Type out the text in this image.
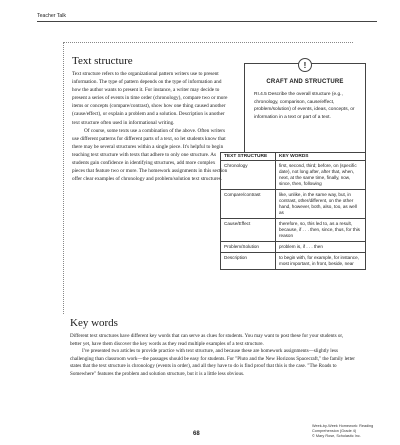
Teacher Talk
Text structure

Text structure refers to the organizational pattern writers use to present information. The type of pattern depends on the type of information and how the author wants to present it. For instance, a writer may decide to present a series of events in time order (chronology), compare two or more items or concepts (compare/contrast), show how one thing caused another (cause/effect), or explain a problem and a solution. Description is another text structure often used in informational writing.

Of course, some texts use a combination of the above. Often writers use different patterns for different parts of a text, so let students know that there may be several structures within a single piece. It's helpful to begin teaching text structure with texts that adhere to only one structure. As students gain confidence in identifying structures, add more complex pieces that feature two or more. The homework assignments in this section offer clear examples of chronology and problem/solution text structures.

!
CRAFT AND STRUCTURE
RI.4.5 Describe the overall structure (e.g., chronology, comparison, cause/effect, problem/solution) of events, ideas, concepts, or information in a text or part of a text.
TEXT STRUCTURE	KEY WORDS
Chronology	first, second, third; before, on (specific date), not long after, after that, when, next, at the same time, finally, now, since, then, following
Compare/contrast	like, unlike, in the same way, but, in contrast, other/different, on the other hand, however, both, also, too, as well as
Cause/Effect	therefore, so, this led to, as a result, because, if . . . then, since, thus, for this reason
Problem/Solution	problem is, if . . . then
Description	to begin with, for example, for instance, most important, in front, beside, near
Key words

Different text structures have different key words that can serve as clues for students. You may want to post these for your students or, better yet, have them discover the key words as they read multiple examples of a text structure.

I've presented two articles to provide practice with text structure, and because these are homework assignments—slightly less challenging than classroom work—the passages should be easy for students. For "Pluto and the New Horizons Spacecraft," the family letter states that the text structure is chronology (events in order), and all they have to do is find proof that this is the case. "The Roads to Somewhere" features the problem and solution structure, but it is a little less obvious.

68
Week-by-Week Homework: Reading Comprehension (Grade 4)
© Mary Rose, Scholastic Inc.
